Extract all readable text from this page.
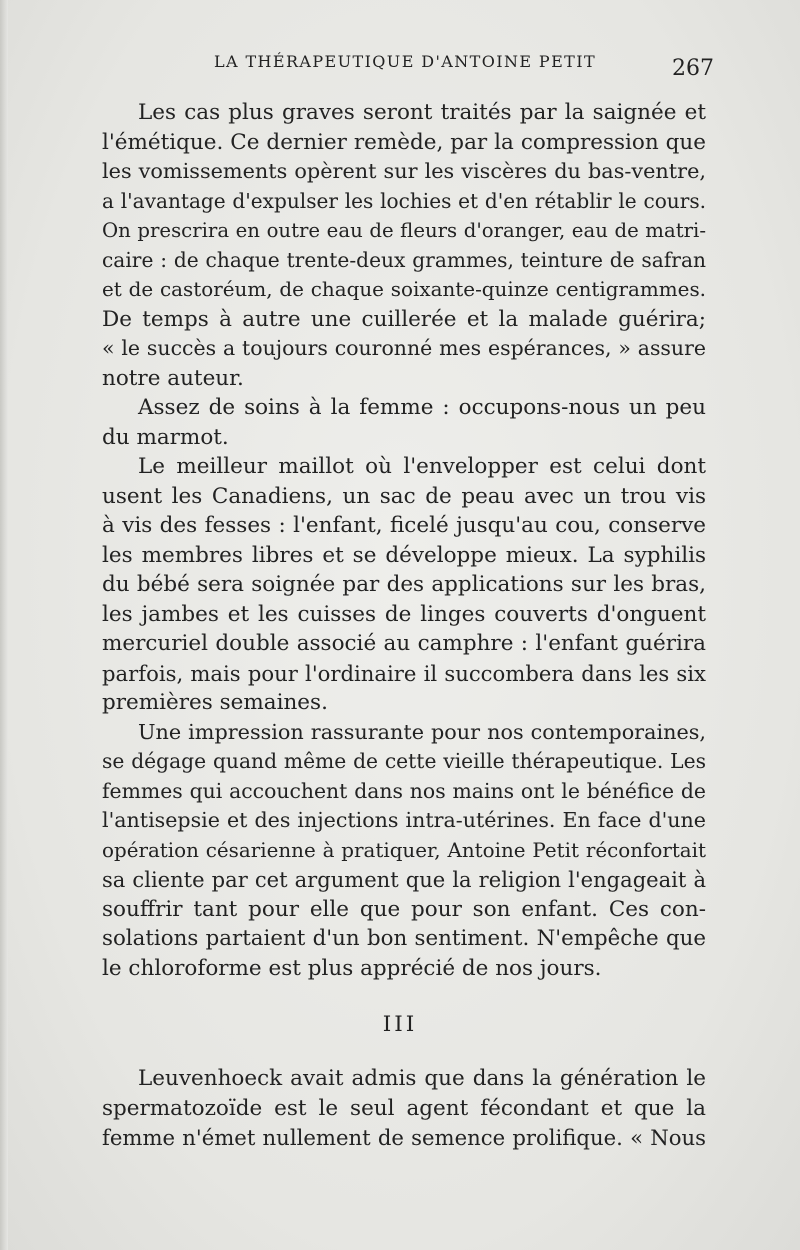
LA THÉRAPEUTIQUE D'ANTOINE PETIT	267
Les cas plus graves seront traités par la saignée et
l'émétique. Ce dernier remède, par la compression que
les vomissements opèrent sur les viscères du bas-ventre,
a l'avantage d'expulser les lochies et d'en rétablir le cours.
On prescrira en outre eau de fleurs d'oranger, eau de matri-
caire : de chaque trente-deux grammes, teinture de safran
et de castoréum, de chaque soixante-quinze centigrammes.
De temps à autre une cuillerée et la malade guérira;
« le succès a toujours couronné mes espérances, » assure
notre auteur.
Assez de soins à la femme : occupons-nous un peu
du marmot.
Le meilleur maillot où l'envelopper est celui dont
usent les Canadiens, un sac de peau avec un trou vis
à vis des fesses : l'enfant, ficelé jusqu'au cou, conserve
les membres libres et se développe mieux. La syphilis
du bébé sera soignée par des applications sur les bras,
les jambes et les cuisses de linges couverts d'onguent
mercuriel double associé au camphre : l'enfant guérira
parfois, mais pour l'ordinaire il succombera dans les six
premières semaines.
Une impression rassurante pour nos contemporaines,
se dégage quand même de cette vieille thérapeutique. Les
femmes qui accouchent dans nos mains ont le bénéfice de
l'antisepsie et des injections intra-utérines. En face d'une
opération césarienne à pratiquer, Antoine Petit réconfortait
sa cliente par cet argument que la religion l'engageait à
souffrir tant pour elle que pour son enfant. Ces con-
solations partaient d'un bon sentiment. N'empêche que
le chloroforme est plus apprécié de nos jours.
III
Leuvenhoeck avait admis que dans la génération le
spermatozoïde est le seul agent fécondant et que la
femme n'émet nullement de semence prolifique. « Nous
